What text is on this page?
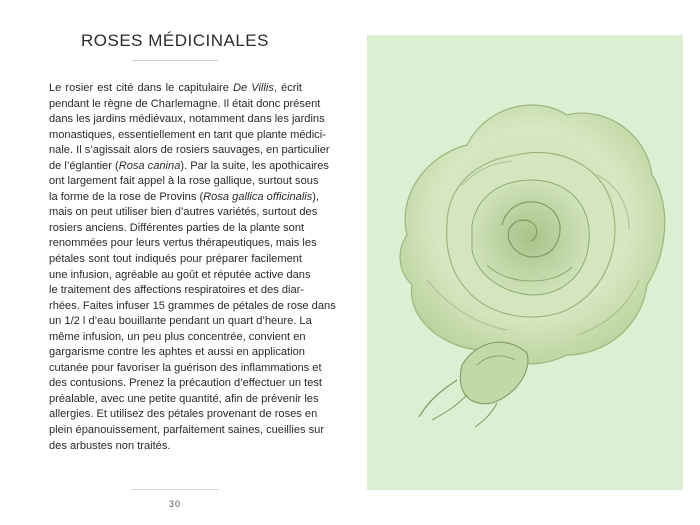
ROSES MÉDICINALES
Le rosier est cité dans le capitulaire De Villis, écrit
pendant le règne de Charlemagne. Il était donc présent
dans les jardins médiévaux, notamment dans les jardins
monastiques, essentiellement en tant que plante médici-
nale. Il s’agissait alors de rosiers sauvages, en particulier
de l’églantier (Rosa canina). Par la suite, les apothicaires
ont largement fait appel à la rose gallique, surtout sous
la forme de la rose de Provins (Rosa gallica officinalis),
mais on peut utiliser bien d’autres variétés, surtout des
rosiers anciens. Différentes parties de la plante sont
renommées pour leurs vertus thérapeutiques, mais les
pétales sont tout indiqués pour préparer facilement
une infusion, agréable au goût et réputée active dans
le traitement des affections respiratoires et des diar-
rhées. Faites infuser 15 grammes de pétales de rose dans
un 1/2 l d’eau bouillante pendant un quart d’heure. La
même infusion, un peu plus concentrée, convient en
gargarisme contre les aphtes et aussi en application
cutanée pour favoriser la guérison des inflammations et
des contusions. Prenez la précaution d’effectuer un test
préalable, avec une petite quantité, afin de prévenir les
allergies. Et utilisez des pétales provenant de roses en
plein épanouissement, parfaitement saines, cueillies sur
des arbustes non traités.
30
